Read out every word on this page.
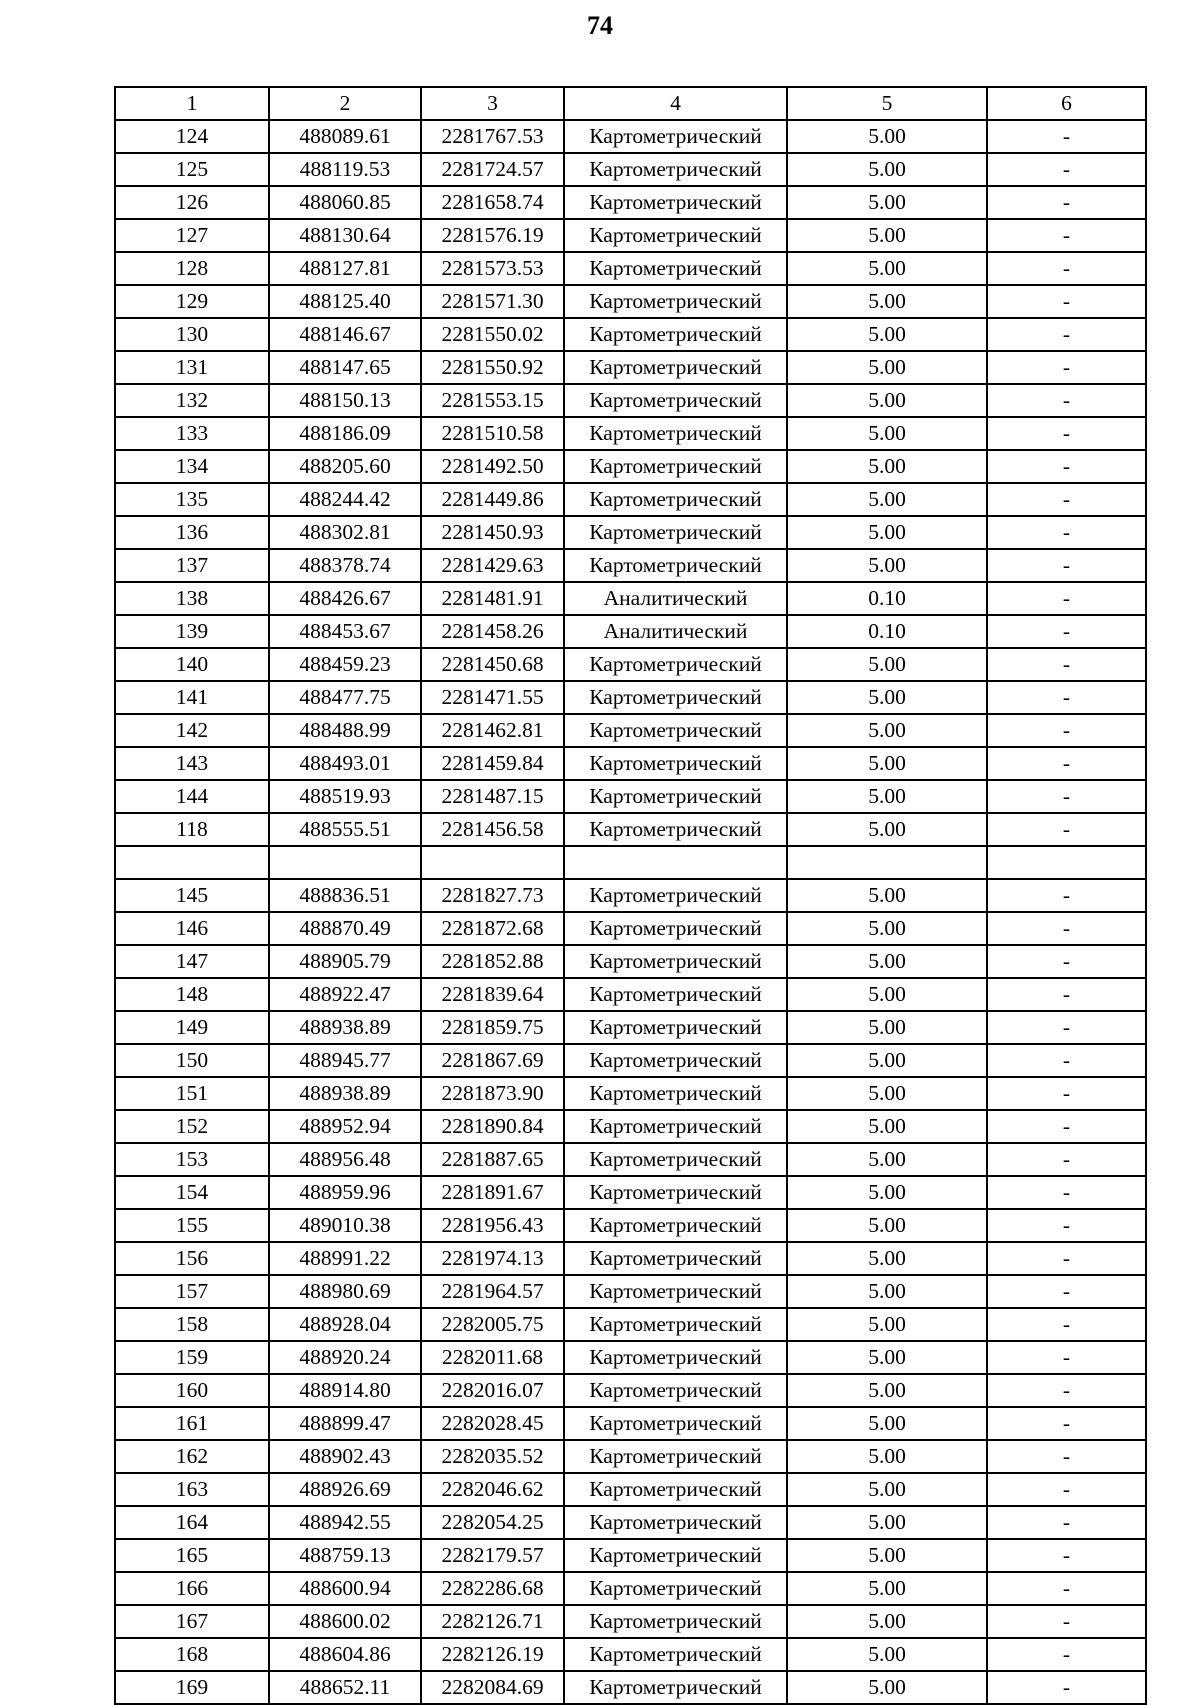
74
1	2	3	4	5	6
124	488089.61	2281767.53	Картометрический	5.00	-
125	488119.53	2281724.57	Картометрический	5.00	-
126	488060.85	2281658.74	Картометрический	5.00	-
127	488130.64	2281576.19	Картометрический	5.00	-
128	488127.81	2281573.53	Картометрический	5.00	-
129	488125.40	2281571.30	Картометрический	5.00	-
130	488146.67	2281550.02	Картометрический	5.00	-
131	488147.65	2281550.92	Картометрический	5.00	-
132	488150.13	2281553.15	Картометрический	5.00	-
133	488186.09	2281510.58	Картометрический	5.00	-
134	488205.60	2281492.50	Картометрический	5.00	-
135	488244.42	2281449.86	Картометрический	5.00	-
136	488302.81	2281450.93	Картометрический	5.00	-
137	488378.74	2281429.63	Картометрический	5.00	-
138	488426.67	2281481.91	Аналитический	0.10	-
139	488453.67	2281458.26	Аналитический	0.10	-
140	488459.23	2281450.68	Картометрический	5.00	-
141	488477.75	2281471.55	Картометрический	5.00	-
142	488488.99	2281462.81	Картометрический	5.00	-
143	488493.01	2281459.84	Картометрический	5.00	-
144	488519.93	2281487.15	Картометрический	5.00	-
118	488555.51	2281456.58	Картометрический	5.00	-

145	488836.51	2281827.73	Картометрический	5.00	-
146	488870.49	2281872.68	Картометрический	5.00	-
147	488905.79	2281852.88	Картометрический	5.00	-
148	488922.47	2281839.64	Картометрический	5.00	-
149	488938.89	2281859.75	Картометрический	5.00	-
150	488945.77	2281867.69	Картометрический	5.00	-
151	488938.89	2281873.90	Картометрический	5.00	-
152	488952.94	2281890.84	Картометрический	5.00	-
153	488956.48	2281887.65	Картометрический	5.00	-
154	488959.96	2281891.67	Картометрический	5.00	-
155	489010.38	2281956.43	Картометрический	5.00	-
156	488991.22	2281974.13	Картометрический	5.00	-
157	488980.69	2281964.57	Картометрический	5.00	-
158	488928.04	2282005.75	Картометрический	5.00	-
159	488920.24	2282011.68	Картометрический	5.00	-
160	488914.80	2282016.07	Картометрический	5.00	-
161	488899.47	2282028.45	Картометрический	5.00	-
162	488902.43	2282035.52	Картометрический	5.00	-
163	488926.69	2282046.62	Картометрический	5.00	-
164	488942.55	2282054.25	Картометрический	5.00	-
165	488759.13	2282179.57	Картометрический	5.00	-
166	488600.94	2282286.68	Картометрический	5.00	-
167	488600.02	2282126.71	Картометрический	5.00	-
168	488604.86	2282126.19	Картометрический	5.00	-
169	488652.11	2282084.69	Картометрический	5.00	-
